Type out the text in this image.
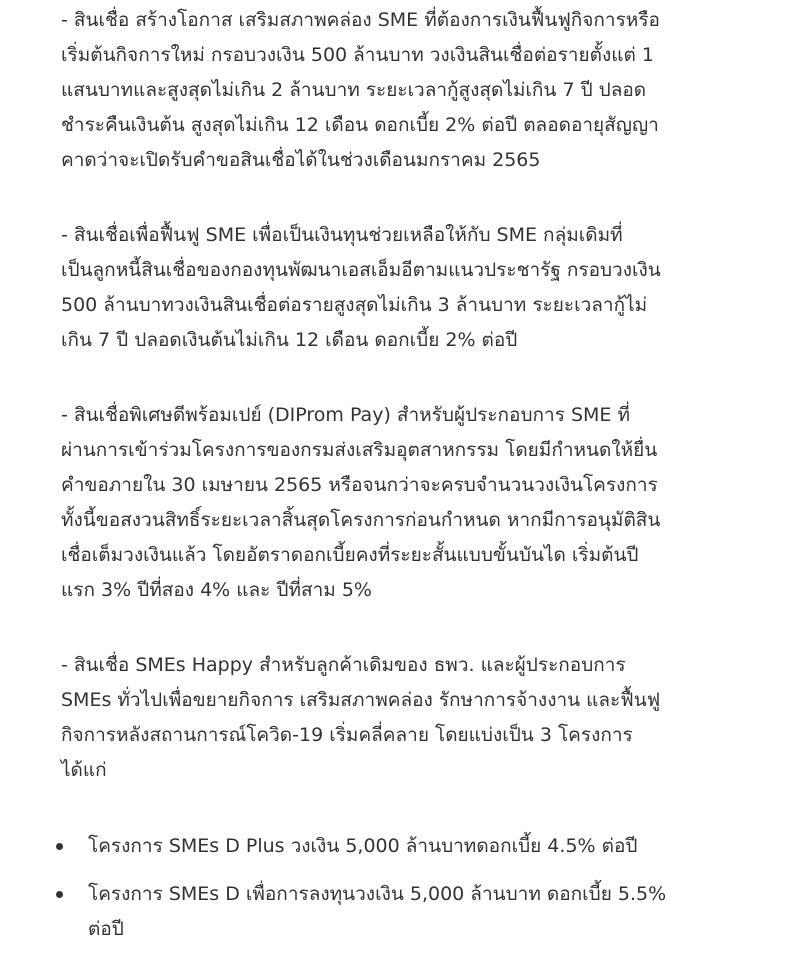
- สินเชื่อ สร้างโอกาส เสริมสภาพคล่อง SME ที่ต้องการเงินฟื้นฟูกิจการหรือ
เริ่มต้นกิจการใหม่ กรอบวงเงิน 500 ล้านบาท วงเงินสินเชื่อต่อรายตั้งแต่ 1
แสนบาทและสูงสุดไม่เกิน 2 ล้านบาท ระยะเวลากู้สูงสุดไม่เกิน 7 ปี ปลอด
ชำระคืนเงินต้น สูงสุดไม่เกิน 12 เดือน ดอกเบี้ย 2% ต่อปี ตลอดอายุสัญญา
คาดว่าจะเปิดรับคำขอสินเชื่อได้ในช่วงเดือนมกราคม 2565

- สินเชื่อเพื่อฟื้นฟู SME เพื่อเป็นเงินทุนช่วยเหลือให้กับ SME กลุ่มเดิมที่
เป็นลูกหนี้สินเชื่อของกองทุนพัฒนาเอสเอ็มอีตามแนวประชารัฐ กรอบวงเงิน
500 ล้านบาทวงเงินสินเชื่อต่อรายสูงสุดไม่เกิน 3 ล้านบาท ระยะเวลากู้ไม่
เกิน 7 ปี ปลอดเงินต้นไม่เกิน 12 เดือน ดอกเบี้ย 2% ต่อปี

- สินเชื่อพิเศษดีพร้อมเปย์ (DIProm Pay) สำหรับผู้ประกอบการ SME ที่
ผ่านการเข้าร่วมโครงการของกรมส่งเสริมอุตสาหกรรม โดยมีกำหนดให้ยื่น
คำขอภายใน 30 เมษายน 2565 หรือจนกว่าจะครบจำนวนวงเงินโครงการ
ทั้งนี้ขอสงวนสิทธิ์ระยะเวลาสิ้นสุดโครงการก่อนกำหนด หากมีการอนุมัติสิน
เชื่อเต็มวงเงินแล้ว โดยอัตราดอกเบี้ยคงที่ระยะสั้นแบบขั้นบันได เริ่มต้นปี
แรก 3% ปีที่สอง 4% และ ปีที่สาม 5%

- สินเชื่อ SMEs Happy สำหรับลูกค้าเดิมของ ธพว. และผู้ประกอบการ
SMEs ทั่วไปเพื่อขยายกิจการ เสริมสภาพคล่อง รักษาการจ้างงาน และฟื้นฟู
กิจการหลังสถานการณ์โควิด-19 เริ่มคลี่คลาย โดยแบ่งเป็น 3 โครงการ
ได้แก่

โครงการ SMEs D Plus วงเงิน 5,000 ล้านบาทดอกเบี้ย 4.5% ต่อปี
โครงการ SMEs D เพื่อการลงทุนวงเงิน 5,000 ล้านบาท ดอกเบี้ย 5.5%
ต่อปี
